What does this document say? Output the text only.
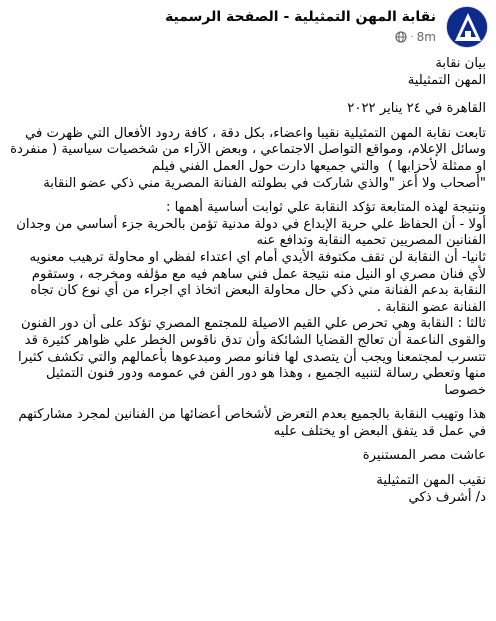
نقابة المهن التمثيلية - الصفحة الرسمية
8m
·

بيان نقابة
المهن التمثيلية

القاهرة في ٢٤ يناير ٢٠٢٢

تابعت نقابة المهن التمثيلية نقيبا واعضاء، بكل دقة ، كافة ردود الأفعال التي ظهرت في وسائل الإعلام، ومواقع التواصل الاجتماعي ، وبعض الآراء من شخصيات سياسية ( منفردة او ممثلة لأحزابها )  والتي جميعها دارت حول العمل الفني فيلم
"أصحاب ولا أعز "والذي شاركت في بطولته الفنانة المصرية مني ذكي عضو النقابة

ونتيجة لهذه المتابعة تؤكد النقابة علي ثوابت أساسية أهمها :
أولا - أن الحفاظ علي حرية الإبداع في دولة مدنية تؤمن بالحرية جزء أساسي من وجدان الفنانين المصريين تحميه النقابة وتدافع عنه
ثانيا- أن النقابة لن تقف مكتوفة الأيدي أمام اي اعتداء لفظي او محاولة ترهيب معنويه لأي فنان مصري او النيل منه نتيجة عمل فني ساهم فيه مع مؤلفه ومخرجه ، وستقوم النقابة بدعم الفنانة مني ذكي حال محاولة البعض اتخاذ اي اجراء من أي نوع كان تجاه الفنانة عضو النقابة .
ثالثا : النقابة وهي تحرص علي القيم الاصيلة للمجتمع المصري تؤكد على أن دور الفنون والقوى الناعمة أن تعالج القضايا الشائكة وأن تدق ناقوس الخطر علي ظواهر كثيرة قد تتسرب لمجتمعنا ويجب أن يتصدى لها فنانو مصر ومبدعوها بأعمالهم والتي تكشف كثيرا منها وتعطي رسالة لتنبيه الجميع ، وهذا هو دور الفن في عمومه ودور فنون التمثيل خصوصا

هذا وتهيب النقابة بالجميع بعدم التعرض لأشخاص أعضائها من الفنانين لمجرد مشاركتهم في عمل قد يتفق البعض او يختلف عليه

عاشت مصر المستنيرة

نقيب المهن التمثيلية
د/ أشرف ذكي
